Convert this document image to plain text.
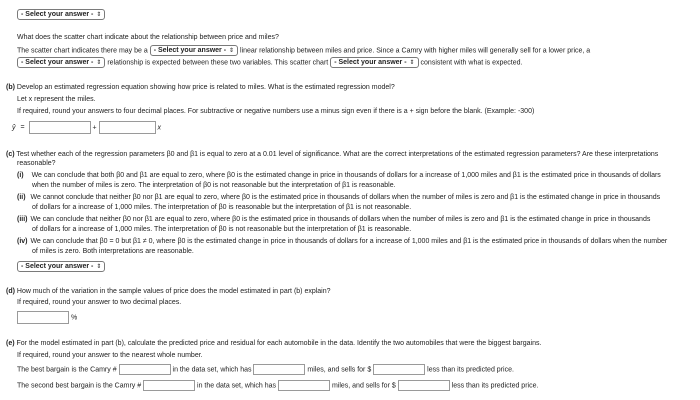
- Select your answer - ⇕
What does the scatter chart indicate about the relationship between price and miles?
The scatter chart indicates there may be a - Select your answer - ⇕ linear relationship between miles and price. Since a Camry with higher miles will generally sell for a lower price, a
- Select your answer - ⇕ relationship is expected between these two variables. This scatter chart - Select your answer - ⇕ consistent with what is expected.
(b) Develop an estimated regression equation showing how price is related to miles. What is the estimated regression model?
Let x represent the miles.
If required, round your answers to four decimal places. For subtractive or negative numbers use a minus sign even if there is a + sign before the blank. (Example: -300)
ŷ =	+	x
(c) Test whether each of the regression parameters β0 and β1 is equal to zero at a 0.01 level of significance. What are the correct interpretations of the estimated regression parameters? Are these interpretations
reasonable?
(i) We can conclude that both β0 and β1 are equal to zero, where β0 is the estimated change in price in thousands of dollars for a increase of 1,000 miles and β1 is the estimated price in thousands of dollars
when the number of miles is zero. The interpretation of β0 is not reasonable but the interpretation of β1 is reasonable.
(ii) We cannot conclude that neither β0 nor β1 are equal to zero, where β0 is the estimated price in thousands of dollars when the number of miles is zero and β1 is the estimated change in price in thousands
of dollars for a increase of 1,000 miles. The interpretation of β0 is reasonable but the interpretation of β1 is not reasonable.
(iii) We can conclude that neither β0 nor β1 are equal to zero, where β0 is the estimated price in thousands of dollars when the number of miles is zero and β1 is the estimated change in price in thousands
of dollars for a increase of 1,000 miles. The interpretation of β0 is not reasonable but the interpretation of β1 is reasonable.
(iv) We can conclude that β0 = 0 but β1 ≠ 0, where β0 is the estimated change in price in thousands of dollars for a increase of 1,000 miles and β1 is the estimated price in thousands of dollars when the number
of miles is zero. Both interpretations are reasonable.
- Select your answer - ⇕
(d) How much of the variation in the sample values of price does the model estimated in part (b) explain?
If required, round your answer to two decimal places.
%
(e) For the model estimated in part (b), calculate the predicted price and residual for each automobile in the data. Identify the two automobiles that were the biggest bargains.
If required, round your answer to the nearest whole number.
The best bargain is the Camry #	in the data set, which has	miles, and sells for $	less than its predicted price.
The second best bargain is the Camry #	in the data set, which has	miles, and sells for $	less than its predicted price.
